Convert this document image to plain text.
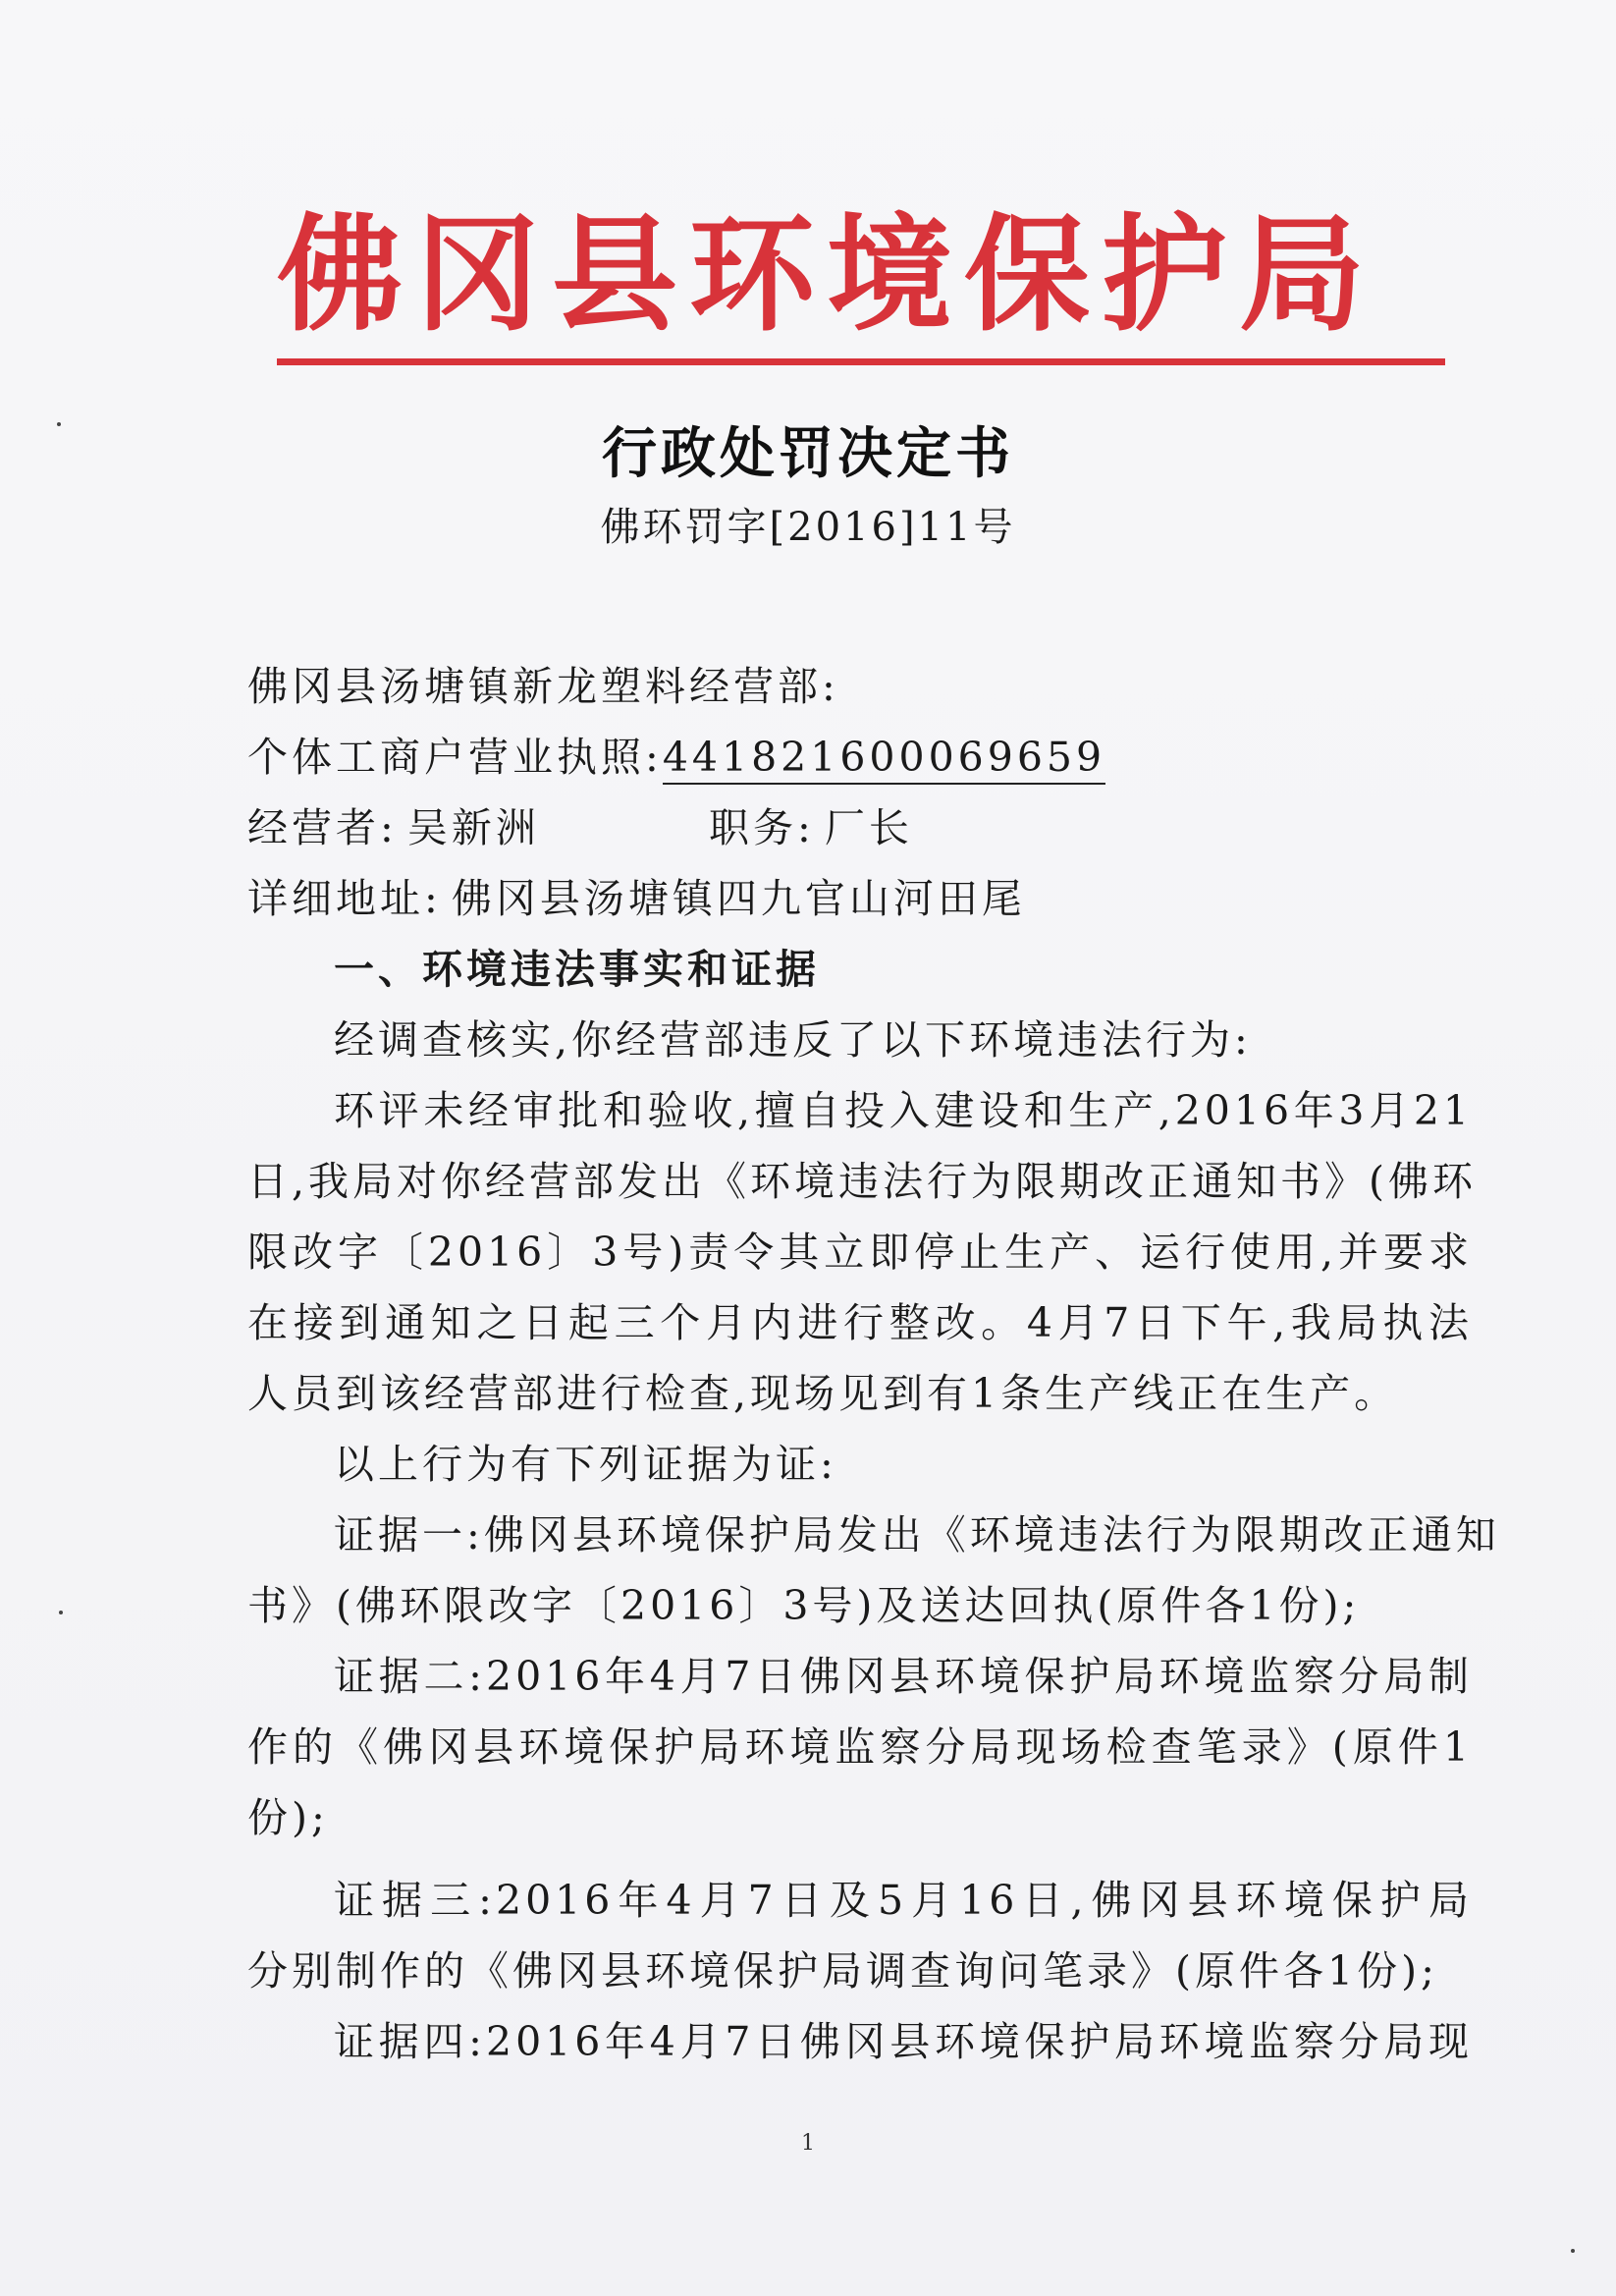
佛冈县环境保护局
行政处罚决定书
佛环罚字[2016]11号
佛冈县汤塘镇新龙塑料经营部:
个体工商户营业执照:441821600069659
经营者: 吴新洲	职务: 厂长
详细地址: 佛冈县汤塘镇四九官山河田尾
一、环境违法事实和证据
经调查核实,你经营部违反了以下环境违法行为:
环评未经审批和验收,擅自投入建设和生产,2016年3月21
日,我局对你经营部发出《环境违法行为限期改正通知书》(佛环
限改字〔2016〕3号)责令其立即停止生产、运行使用,并要求
在接到通知之日起三个月内进行整改。4月7日下午,我局执法
人员到该经营部进行检查,现场见到有1条生产线正在生产。
以上行为有下列证据为证:
证据一:佛冈县环境保护局发出《环境违法行为限期改正通知
书》(佛环限改字〔2016〕3号)及送达回执(原件各1份);
证据二:2016年4月7日佛冈县环境保护局环境监察分局制
作的《佛冈县环境保护局环境监察分局现场检查笔录》(原件1
份);
证据三:2016年4月7日及5月16日,佛冈县环境保护局
分别制作的《佛冈县环境保护局调查询问笔录》(原件各1份);
证据四:2016年4月7日佛冈县环境保护局环境监察分局现
1
